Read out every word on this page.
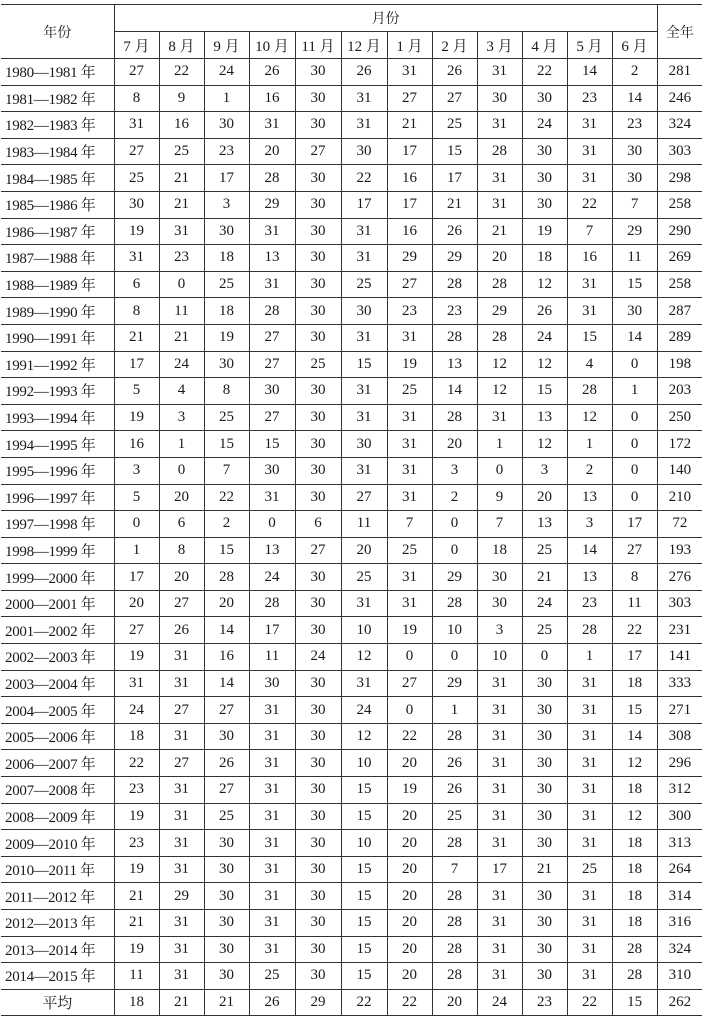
年份	月份												全年
	7 月	8 月	9 月	10 月	11 月	12 月	1 月	2 月	3 月	4 月	5 月	6 月	
1980—1981 年	27	22	24	26	30	26	31	26	31	22	14	2	281
1981—1982 年	8	9	1	16	30	31	27	27	30	30	23	14	246
1982—1983 年	31	16	30	31	30	31	21	25	31	24	31	23	324
1983—1984 年	27	25	23	20	27	30	17	15	28	30	31	30	303
1984—1985 年	25	21	17	28	30	22	16	17	31	30	31	30	298
1985—1986 年	30	21	3	29	30	17	17	21	31	30	22	7	258
1986—1987 年	19	31	30	31	30	31	16	26	21	19	7	29	290
1987—1988 年	31	23	18	13	30	31	29	29	20	18	16	11	269
1988—1989 年	6	0	25	31	30	25	27	28	28	12	31	15	258
1989—1990 年	8	11	18	28	30	30	23	23	29	26	31	30	287
1990—1991 年	21	21	19	27	30	31	31	28	28	24	15	14	289
1991—1992 年	17	24	30	27	25	15	19	13	12	12	4	0	198
1992—1993 年	5	4	8	30	30	31	25	14	12	15	28	1	203
1993—1994 年	19	3	25	27	30	31	31	28	31	13	12	0	250
1994—1995 年	16	1	15	15	30	30	31	20	1	12	1	0	172
1995—1996 年	3	0	7	30	30	31	31	3	0	3	2	0	140
1996—1997 年	5	20	22	31	30	27	31	2	9	20	13	0	210
1997—1998 年	0	6	2	0	6	11	7	0	7	13	3	17	72
1998—1999 年	1	8	15	13	27	20	25	0	18	25	14	27	193
1999—2000 年	17	20	28	24	30	25	31	29	30	21	13	8	276
2000—2001 年	20	27	20	28	30	31	31	28	30	24	23	11	303
2001—2002 年	27	26	14	17	30	10	19	10	3	25	28	22	231
2002—2003 年	19	31	16	11	24	12	0	0	10	0	1	17	141
2003—2004 年	31	31	14	30	30	31	27	29	31	30	31	18	333
2004—2005 年	24	27	27	31	30	24	0	1	31	30	31	15	271
2005—2006 年	18	31	30	31	30	12	22	28	31	30	31	14	308
2006—2007 年	22	27	26	31	30	10	20	26	31	30	31	12	296
2007—2008 年	23	31	27	31	30	15	19	26	31	30	31	18	312
2008—2009 年	19	31	25	31	30	15	20	25	31	30	31	12	300
2009—2010 年	23	31	30	31	30	10	20	28	31	30	31	18	313
2010—2011 年	19	31	30	31	30	15	20	7	17	21	25	18	264
2011—2012 年	21	29	30	31	30	15	20	28	31	30	31	18	314
2012—2013 年	21	31	30	31	30	15	20	28	31	30	31	18	316
2013—2014 年	19	31	30	31	30	15	20	28	31	30	31	28	324
2014—2015 年	11	31	30	25	30	15	20	28	31	30	31	28	310
平均	18	21	21	26	29	22	22	20	24	23	22	15	262
